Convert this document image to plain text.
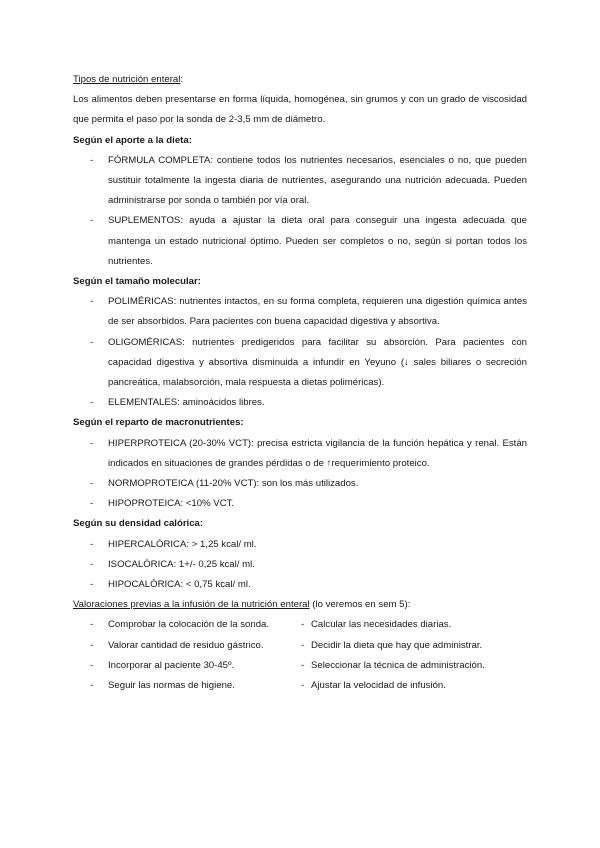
Tipos de nutrición enteral:

Los alimentos deben presentarse en forma líquida, homogénea, sin grumos y con un grado de viscosidad que permita el paso por la sonda de 2-3,5 mm de diámetro.

Según el aporte a la dieta:

- FÓRMULA COMPLETA: contiene todos los nutrientes necesarios, esenciales o no, que pueden sustituir totalmente la ingesta diaria de nutrientes, asegurando una nutrición adecuada. Pueden administrarse por sonda o también por vía oral.

- SUPLEMENTOS: ayuda a ajustar la dieta oral para conseguir una ingesta adecuada que mantenga un estado nutricional óptimo. Pueden ser completos o no, según si portan todos los nutrientes.

Según el tamaño molecular:

- POLIMÉRICAS: nutrientes intactos, en su forma completa, requieren una digestión química antes de ser absorbidos. Para pacientes con buena capacidad digestiva y absortiva.

- OLIGOMÉRICAS: nutrientes predigeridos para facilitar su absorción. Para pacientes con capacidad digestiva y absortiva disminuida a infundir en Yeyuno (↓ sales biliares o secreción pancreática, malabsorción, mala respuesta a dietas poliméricas).

- ELEMENTALES: aminoácidos libres.

Según el reparto de macronutrientes:

- HIPERPROTEICA (20-30% VCT): precisa estricta vigilancia de la función hepática y renal. Están indicados en situaciones de grandes pérdidas o de ↑requerimiento proteico.

- NORMOPROTEICA (11-20% VCT): son los más utilizados.

- HIPOPROTEICA: <10% VCT.

Según su densidad calórica:

- HIPERCALÓRICA: > 1,25 kcal/ ml.

- ISOCALÓRICA: 1+/- 0,25 kcal/ ml.

- HIPOCALÓRICA: < 0,75 kcal/ ml.

Valoraciones previas a la infusión de la nutrición enteral (lo veremos en sem 5):

- Comprobar la colocación de la sonda.
- Valorar cantidad de residuo gástrico.
- Incorporar al paciente 30-45º.
- Seguir las normas de higiene.
- Calcular las necesidades diarias.
- Decidir la dieta que hay que administrar.
- Seleccionar la técnica de administración.
- Ajustar la velocidad de infusión.
